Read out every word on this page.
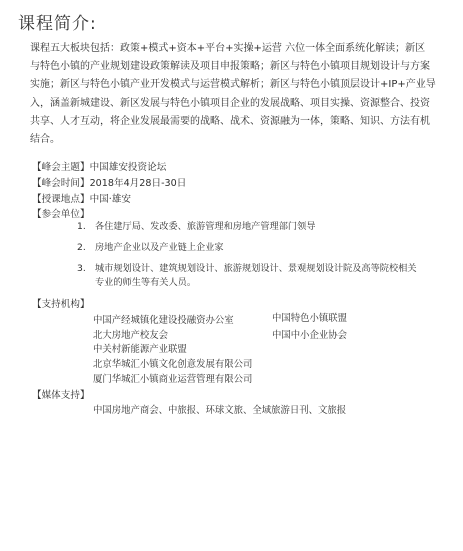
课程简介:
课程五大板块包括：政策+模式+资本+平台+实操+运营 六位一体全面系统化解读；新区
与特色小镇的产业规划建设政策解读及项目申报策略；新区与特色小镇项目规划设计与方案
实施；新区与特色小镇产业开发模式与运营模式解析；新区与特色小镇顶层设计+IP+产业导
入，涵盖新城建设、新区发展与特色小镇项目企业的发展战略、项目实操、资源整合、投资
共享、人才互动，将企业发展最需要的战略、战术、资源融为一体，策略、知识、方法有机
结合。
【峰会主题】中国雄安投资论坛
【峰会时间】2018年4月28日-30日
【授课地点】中国·雄安
【参会单位】
1. 各住建厅局、发改委、旅游管理和房地产管理部门领导
2. 房地产企业以及产业链上企业家
3. 城市规划设计、建筑规划设计、旅游规划设计、景观规划设计院及高等院校相关
专业的师生等有关人员。
【支持机构】
中国产经城镇化建设投融资办公室	中国特色小镇联盟
北大房地产校友会	中国中小企业协会
中关村新能源产业联盟
北京华城汇小镇文化创意发展有限公司
厦门华城汇小镇商业运营管理有限公司
【媒体支持】
中国房地产商会、中旅报、环球文旅、全域旅游日刊、文旅报
